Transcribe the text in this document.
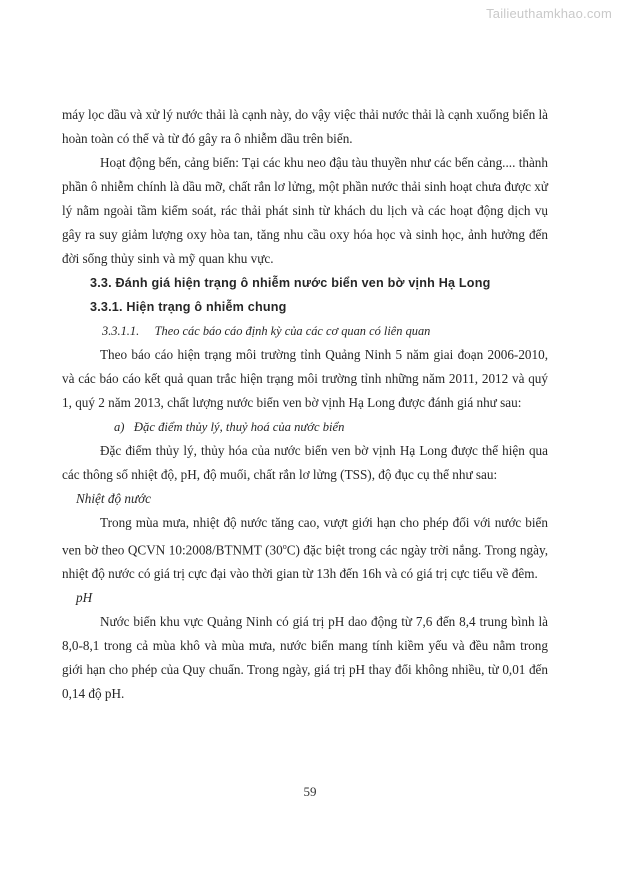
Tailieuthamkhao.com

máy lọc dầu và xử lý nước thải là cạnh này, do vậy việc thải nước thải là cạnh xuống biển là hoàn toàn có thể và từ đó gây ra ô nhiễm dầu trên biển.

Hoạt động bến, cảng biển: Tại các khu neo đậu tàu thuyền như các bến cảng.... thành phần ô nhiễm chính là dầu mỡ, chất rắn lơ lửng, một phần nước thải sinh hoạt chưa được xử lý nằm ngoài tầm kiểm soát, rác thải phát sinh từ khách du lịch và các hoạt động dịch vụ gây ra suy giảm lượng oxy hòa tan, tăng nhu cầu oxy hóa học và sinh học, ảnh hưởng đến đời sống thủy sinh và mỹ quan khu vực.

3.3. Đánh giá hiện trạng ô nhiễm nước biển ven bờ vịnh Hạ Long

3.3.1. Hiện trạng ô nhiễm chung

3.3.1.1.     Theo các báo cáo định kỳ của các cơ quan có liên quan

Theo báo cáo hiện trạng môi trường tỉnh Quảng Ninh 5 năm giai đoạn 2006-2010, và các báo cáo kết quả quan trắc hiện trạng môi trường tỉnh những năm 2011, 2012 và quý 1, quý 2 năm 2013, chất lượng nước biển ven bờ vịnh Hạ Long được đánh giá như sau:

a)   Đặc điểm thủy lý, thuỷ hoá của nước biển

Đặc điểm thủy lý, thủy hóa của nước biển ven bờ vịnh Hạ Long được thể hiện qua các thông số nhiệt độ, pH, độ muối, chất rắn lơ lửng (TSS), độ đục cụ thể như sau:

Nhiệt độ nước

Trong mùa mưa, nhiệt độ nước tăng cao, vượt giới hạn cho phép đối với nước biển ven bờ theo QCVN 10:2008/BTNMT (30$^o$C) đặc biệt trong các ngày trời nắng. Trong ngày, nhiệt độ nước có giá trị cực đại vào thời gian từ 13h đến 16h và có giá trị cực tiểu về đêm.

pH

Nước biển khu vực Quảng Ninh có giá trị pH dao động từ 7,6 đến 8,4 trung bình là 8,0-8,1 trong cả mùa khô và mùa mưa, nước biển mang tính kiềm yếu và đều nằm trong giới hạn cho phép của Quy chuẩn. Trong ngày, giá trị pH thay đổi không nhiều, từ 0,01 đến 0,14 độ pH.

59
